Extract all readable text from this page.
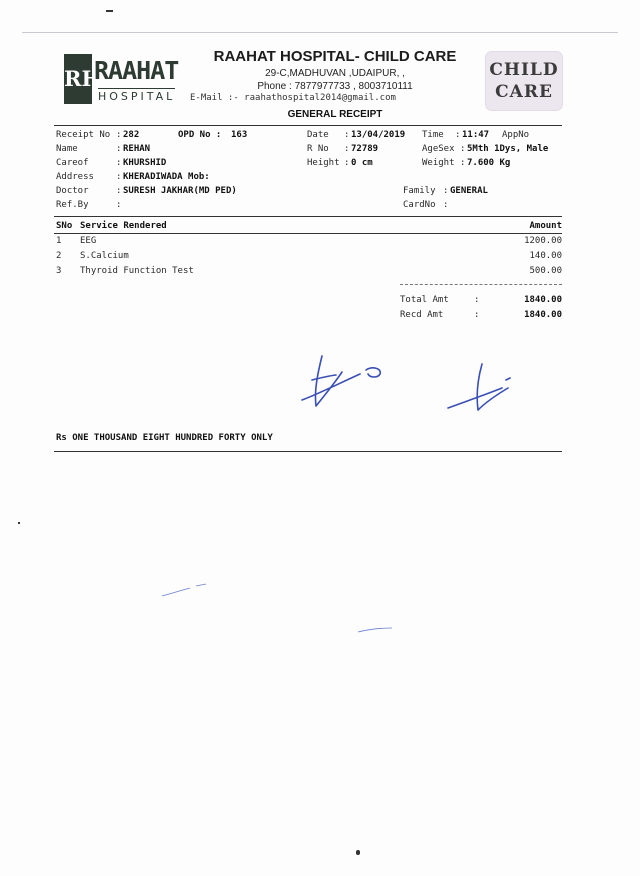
RH
RAAHAT
HOSPITAL
CHILD
CARE
RAAHAT HOSPITAL- CHILD CARE
29-C,MADHUVAN ,UDAIPUR, ,
Phone : 7877977733 , 8003710111
E-Mail :- raahathospital2014@gmail.com
GENERAL RECEIPT
Receipt No : 282	OPD No : 163	Date : 13/04/2019 Time : 11:47 AppNo
Name	: REHAN	R No : 72789	AgeSex : 5Mth 1Dys, Male
Careof	: KHURSHID	Height : 0 cm	Weight : 7.600 Kg
Address : KHERADIWADA Mob:
Doctor	: SURESH JAKHAR(MD PED)	Family : GENERAL
Ref.By	:	CardNo :
SNo Service Rendered	Amount
1 EEG	1200.00
2 S.Calcium	140.00
3 Thyroid Function Test	500.00
Total Amt	:	1840.00
Recd Amt	:	1840.00
Rs ONE THOUSAND EIGHT HUNDRED FORTY ONLY
